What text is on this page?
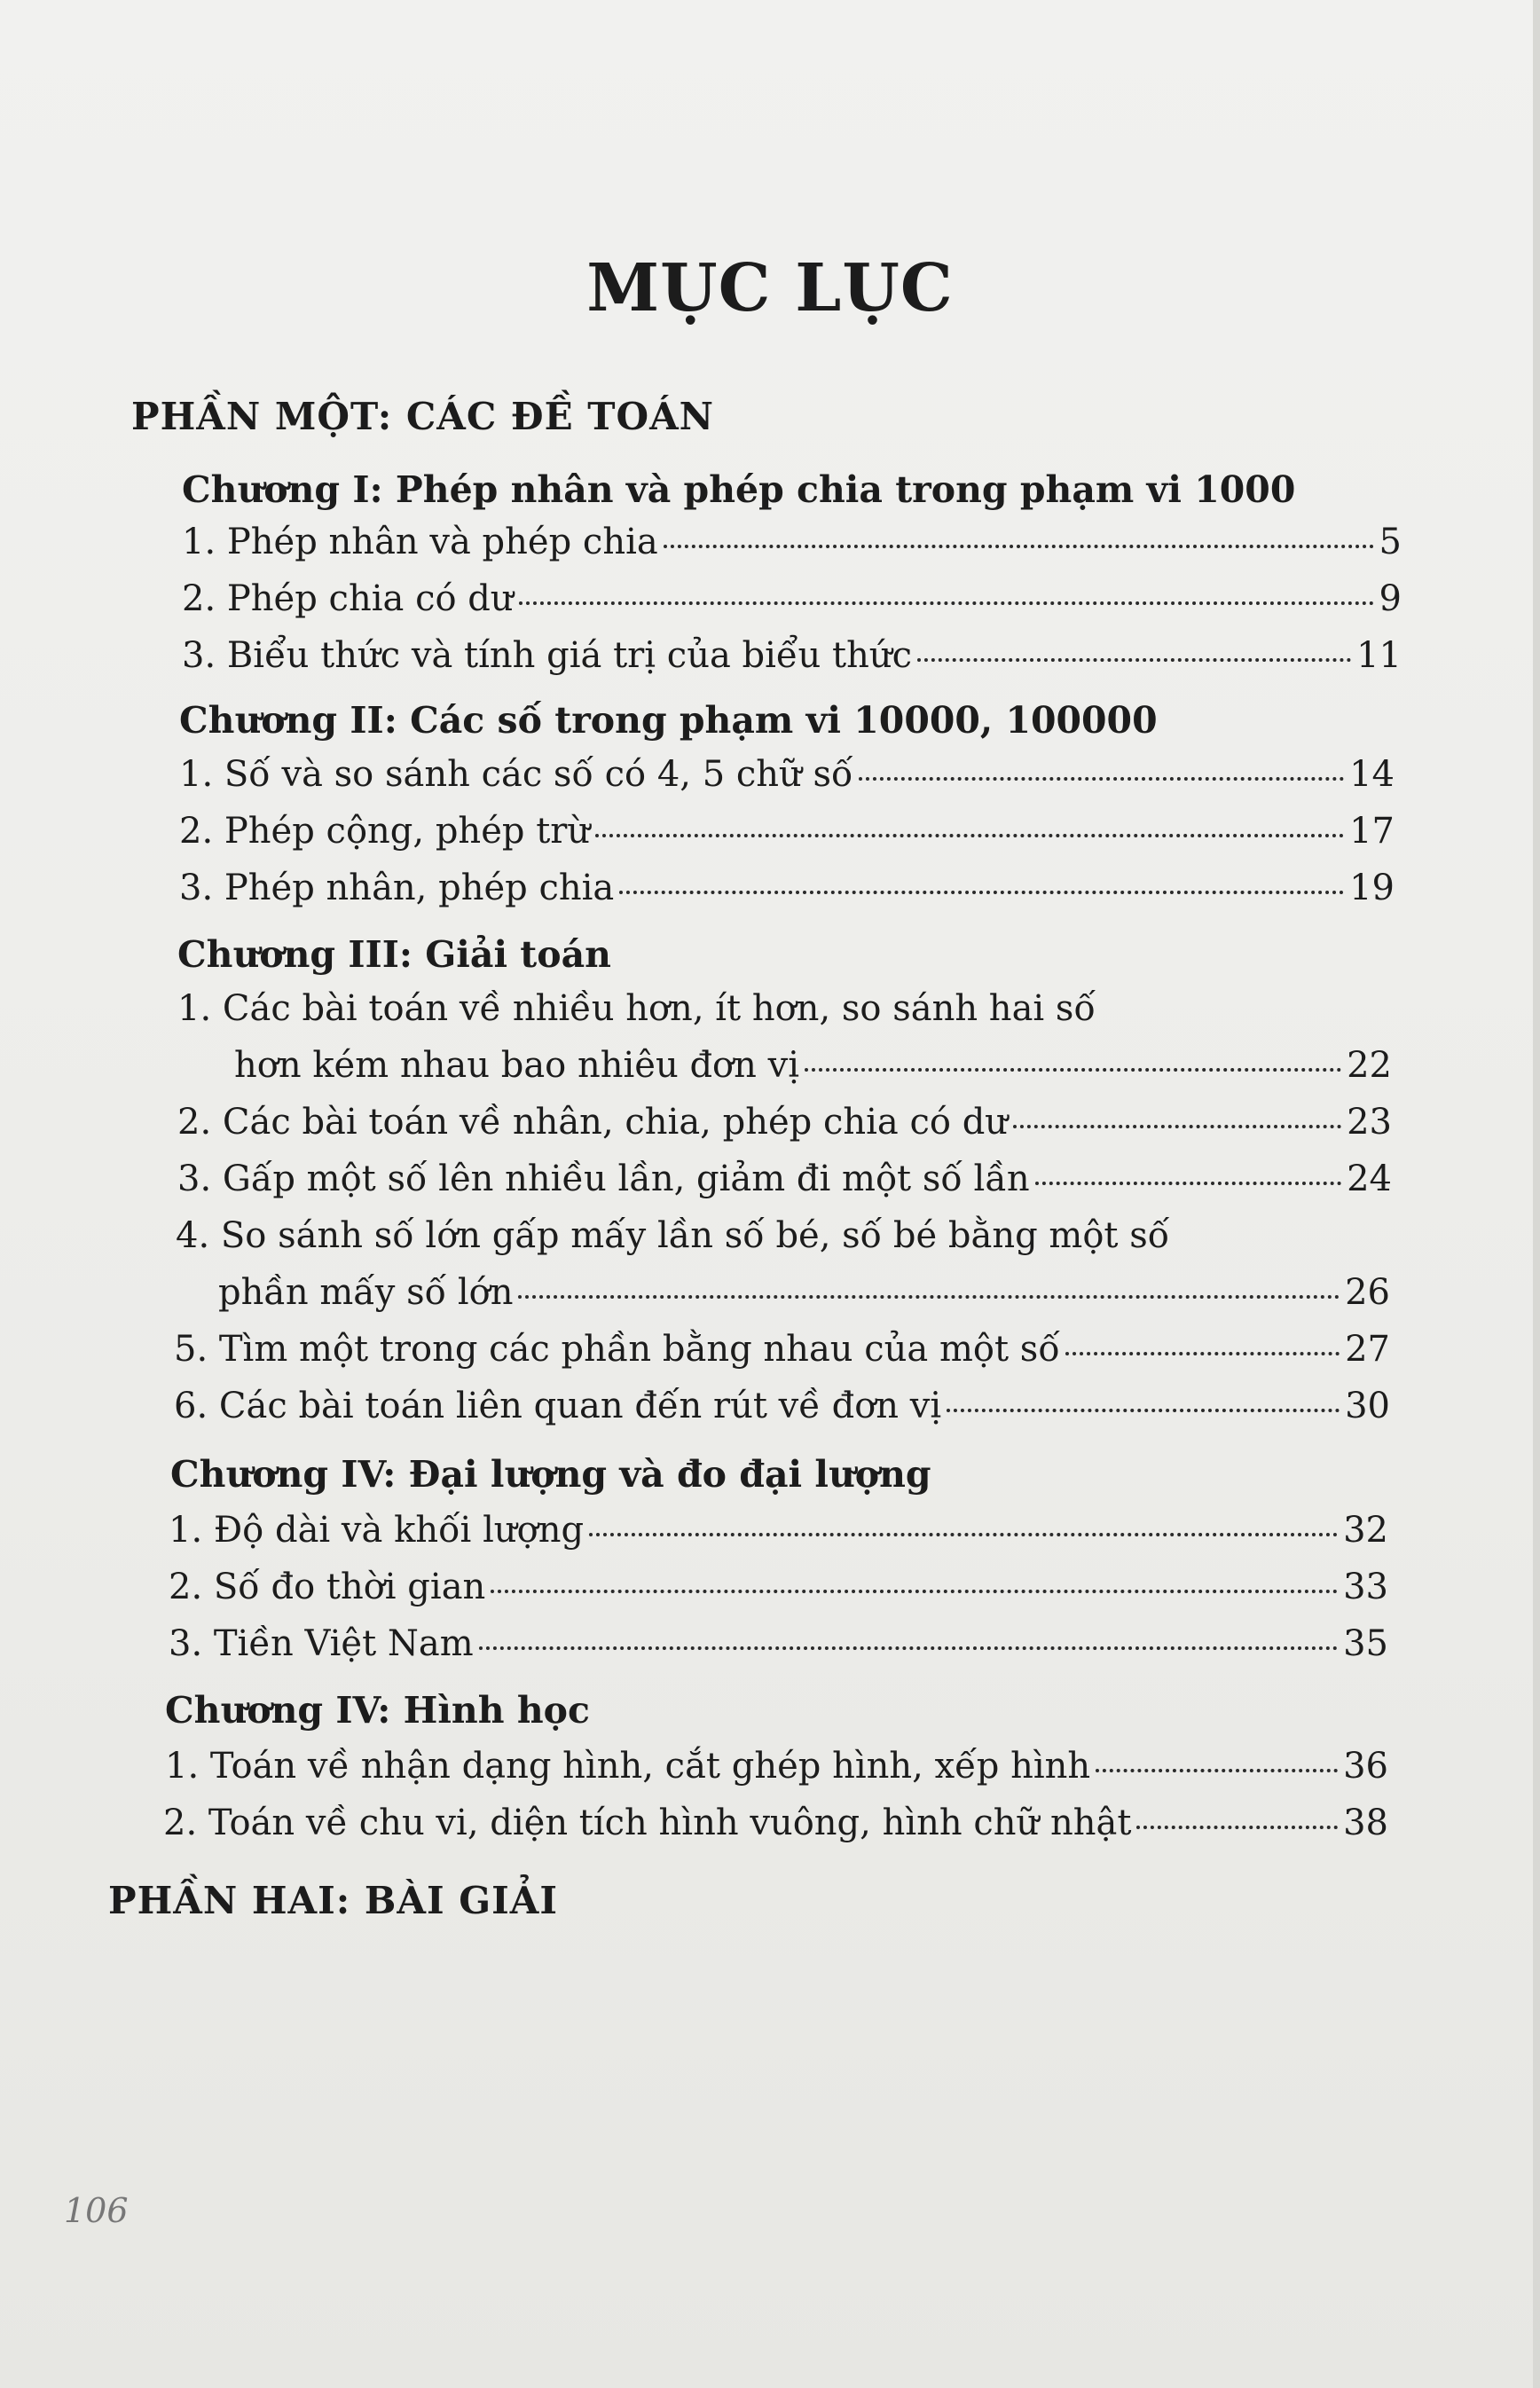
MỤC LỤC
PHẦN MỘT: CÁC ĐỀ TOÁN
Chương I: Phép nhân và phép chia trong phạm vi 1000
1. Phép nhân và phép chia	5
2. Phép chia có dư	9
3. Biểu thức và tính giá trị của biểu thức	11
Chương II: Các số trong phạm vi 10000, 100000
1. Số và so sánh các số có 4, 5 chữ số	14
2. Phép cộng, phép trừ	17
3. Phép nhân, phép chia	19
Chương III: Giải toán
1. Các bài toán về nhiều hơn, ít hơn, so sánh hai số
hơn kém nhau bao nhiêu đơn vị	22
2. Các bài toán về nhân, chia, phép chia có dư	23
3. Gấp một số lên nhiều lần, giảm đi một số lần	24
4. So sánh số lớn gấp mấy lần số bé, số bé bằng một số
phần mấy số lớn	26
5. Tìm một trong các phần bằng nhau của một số	27
6. Các bài toán liên quan đến rút về đơn vị	30
Chương IV: Đại lượng và đo đại lượng
1. Độ dài và khối lượng	32
2. Số đo thời gian	33
3. Tiền Việt Nam	35
Chương IV: Hình học
1. Toán về nhận dạng hình, cắt ghép hình, xếp hình	36
2. Toán về chu vi, diện tích hình vuông, hình chữ nhật	38
PHẦN HAI: BÀI GIẢI
106
